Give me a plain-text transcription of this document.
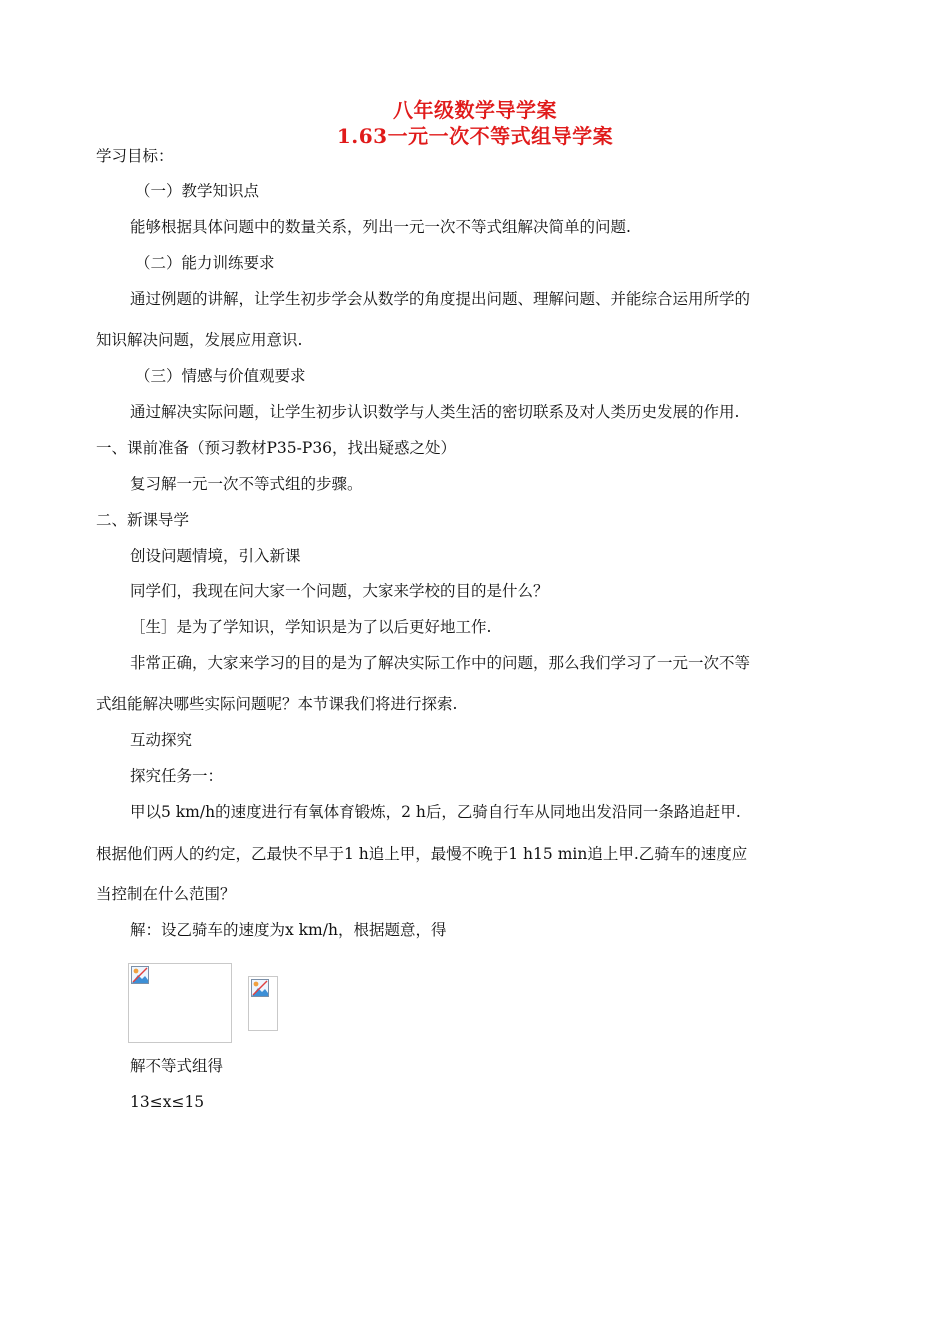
八年级数学导学案
1.63一元一次不等式组导学案
学习目标：
（一）教学知识点
能够根据具体问题中的数量关系，列出一元一次不等式组解决简单的问题.
（二）能力训练要求
通过例题的讲解，让学生初步学会从数学的角度提出问题、理解问题、并能综合运用所学的
知识解决问题，发展应用意识.
（三）情感与价值观要求
通过解决实际问题，让学生初步认识数学与人类生活的密切联系及对人类历史发展的作用.
一、课前准备（预习教材P35-P36，找出疑惑之处）
复习解一元一次不等式组的步骤。
二、新课导学
创设问题情境，引入新课
同学们，我现在问大家一个问题，大家来学校的目的是什么？
［生］是为了学知识，学知识是为了以后更好地工作.
非常正确，大家来学习的目的是为了解决实际工作中的问题，那么我们学习了一元一次不等
式组能解决哪些实际问题呢？本节课我们将进行探索.
互动探究
探究任务一：
甲以5 km/h的速度进行有氧体育锻炼，2 h后，乙骑自行车从同地出发沿同一条路追赶甲.
根据他们两人的约定，乙最快不早于1 h追上甲，最慢不晚于1 h15 min追上甲.乙骑车的速度应
当控制在什么范围？
解：设乙骑车的速度为x km/h，根据题意，得
解不等式组得
13≤x≤15
